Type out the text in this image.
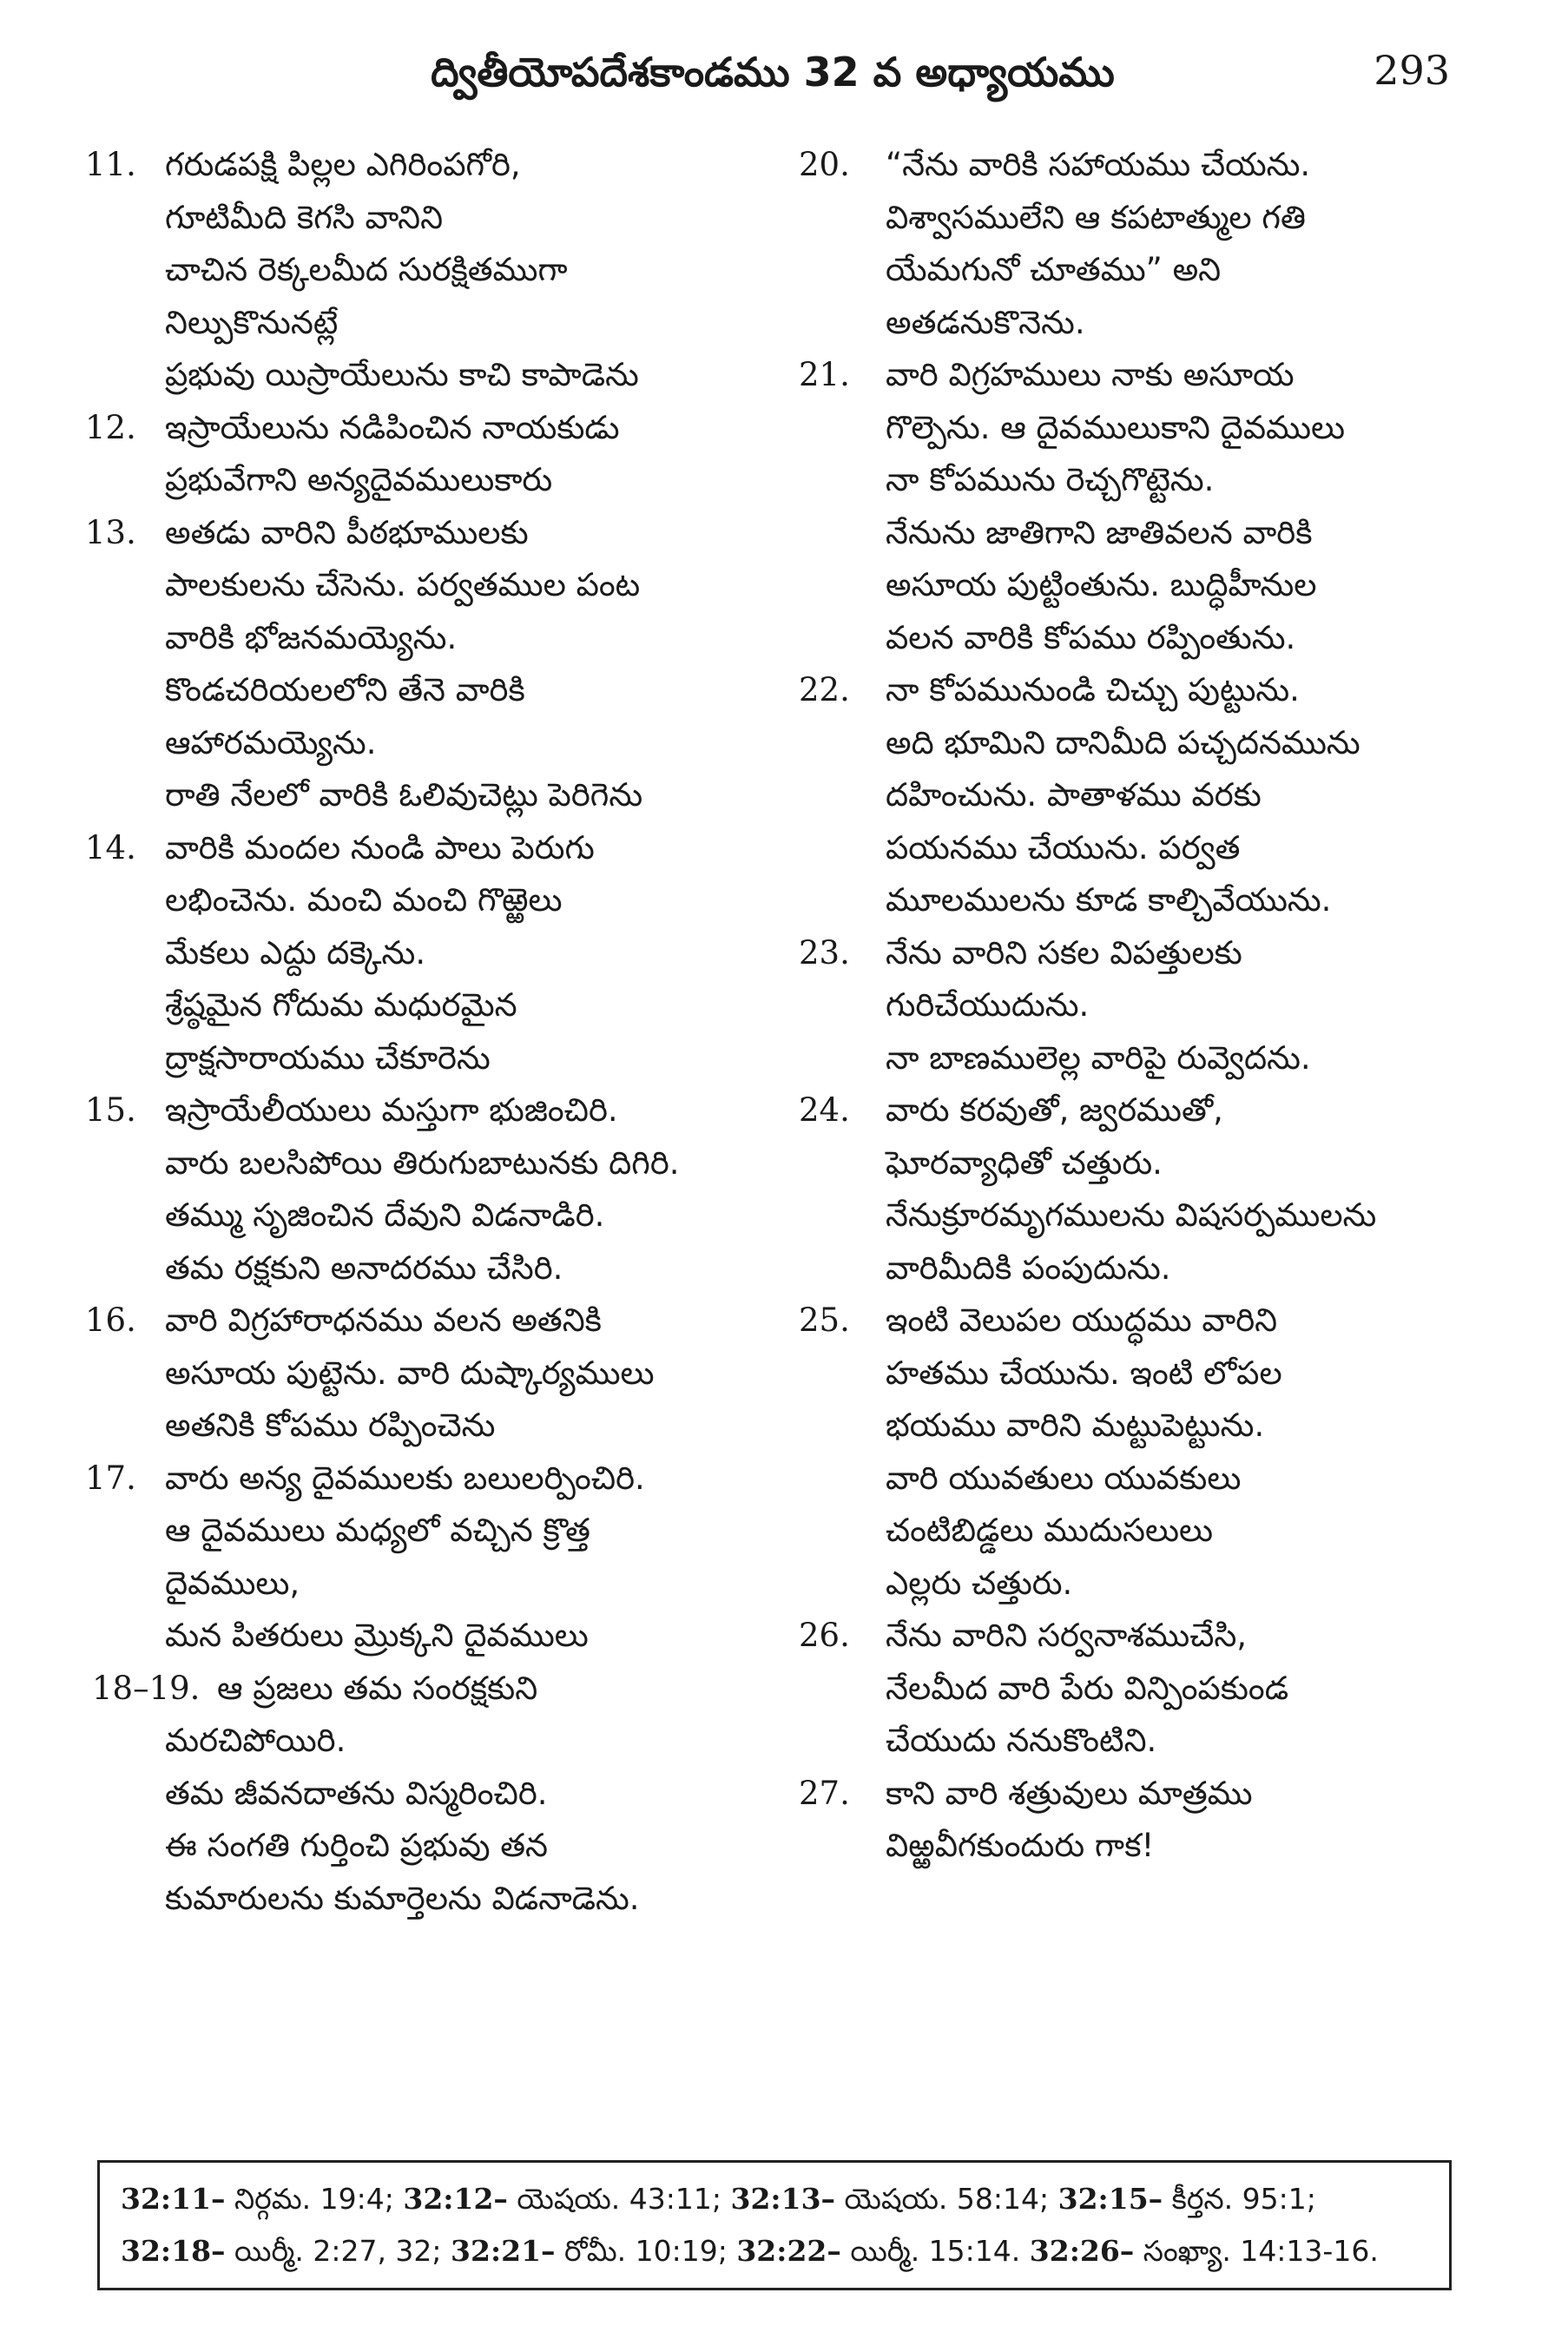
ద్వితీయోపదేశకాండము 32 వ అధ్యాయము	293
11. గరుడపక్షి పిల్లల ఎగిరింపగోరి,
గూటిమీది కెగసి వానిని
చాచిన రెక్కలమీద సురక్షితముగా
నిల్పుకొనునట్లే
ప్రభువు యిస్రాయేలును కాచి కాపాడెను
12. ఇస్రాయేలును నడిపించిన నాయకుడు
ప్రభువేగాని అన్యదైవములుకారు
13. అతడు వారిని పీఠభూములకు
పాలకులను చేసెను. పర్వతముల పంట
వారికి భోజనమయ్యెను.
కొండచరియలలోని తేనె వారికి
ఆహారమయ్యెను.
రాతి నేలలో వారికి ఓలివుచెట్లు పెరిగెను
14. వారికి మందల నుండి పాలు పెరుగు
లభించెను. మంచి మంచి గొఱ్ఱెలు
మేకలు ఎద్దు దక్కెను.
శ్రేష్ఠమైన గోదుమ మధురమైన
ద్రాక్షసారాయము చేకూరెను
15. ఇస్రాయేలీయులు మస్తుగా భుజించిరి.
వారు బలసిపోయి తిరుగుబాటునకు దిగిరి.
తమ్ము సృజించిన దేవుని విడనాడిరి.
తమ రక్షకుని అనాదరము చేసిరి.
16. వారి విగ్రహారాధనము వలన అతనికి
అసూయ పుట్టెను. వారి దుష్కార్యములు
అతనికి కోపము రప్పించెను
17. వారు అన్య దైవములకు బలులర్పించిరి.
ఆ దైవములు మధ్యలో వచ్చిన క్రొత్త
దైవములు,
మన పితరులు మ్రొక్కని దైవములు
18–19. ఆ ప్రజలు తమ సంరక్షకుని
మరచిపోయిరి.
తమ జీవనదాతను విస్మరించిరి.
ఈ సంగతి గుర్తించి ప్రభువు తన
కుమారులను కుమార్తెలను విడనాడెను.
20. “నేను వారికి సహాయము చేయను.
విశ్వాసములేని ఆ కపటాత్ముల గతి
యేమగునో చూతము” అని
అతడనుకొనెను.
21. వారి విగ్రహములు నాకు అసూయ
గొల్పెను. ఆ దైవములుకాని దైవములు
నా కోపమును రెచ్చగొట్టెను.
నేనును జాతిగాని జాతివలన వారికి
అసూయ పుట్టింతును. బుద్ధిహీనుల
వలన వారికి కోపము రప్పింతును.
22. నా కోపమునుండి చిచ్చు పుట్టును.
అది భూమిని దానిమీది పచ్చదనమును
దహించును. పాతాళము వరకు
పయనము చేయును. పర్వత
మూలములను కూడ కాల్చివేయును.
23. నేను వారిని సకల విపత్తులకు
గురిచేయుదును.
నా బాణములెల్ల వారిపై రువ్వెదను.
24. వారు కరవుతో, జ్వరముతో,
ఘోరవ్యాధితో చత్తురు.
నేనుక్రూరమృగములను విషసర్పములను
వారిమీదికి పంపుదును.
25. ఇంటి వెలుపల యుద్ధము వారిని
హతము చేయును. ఇంటి లోపల
భయము వారిని మట్టుపెట్టును.
వారి యువతులు యువకులు
చంటిబిడ్డలు ముదుసలులు
ఎల్లరు చత్తురు.
26. నేను వారిని సర్వనాశముచేసి,
నేలమీద వారి పేరు విన్పింపకుండ
చేయుదు ననుకొంటిని.
27. కాని వారి శత్రువులు మాత్రము
విఱ్ఱవీగకుందురు గాక!
32:11– నిర్గమ. 19:4; 32:12– యెషయ. 43:11; 32:13– యెషయ. 58:14; 32:15– కీర్తన. 95:1;
32:18– యిర్మీ. 2:27, 32; 32:21– రోమీ. 10:19; 32:22– యిర్మీ. 15:14. 32:26– సంఖ్యా. 14:13-16.
